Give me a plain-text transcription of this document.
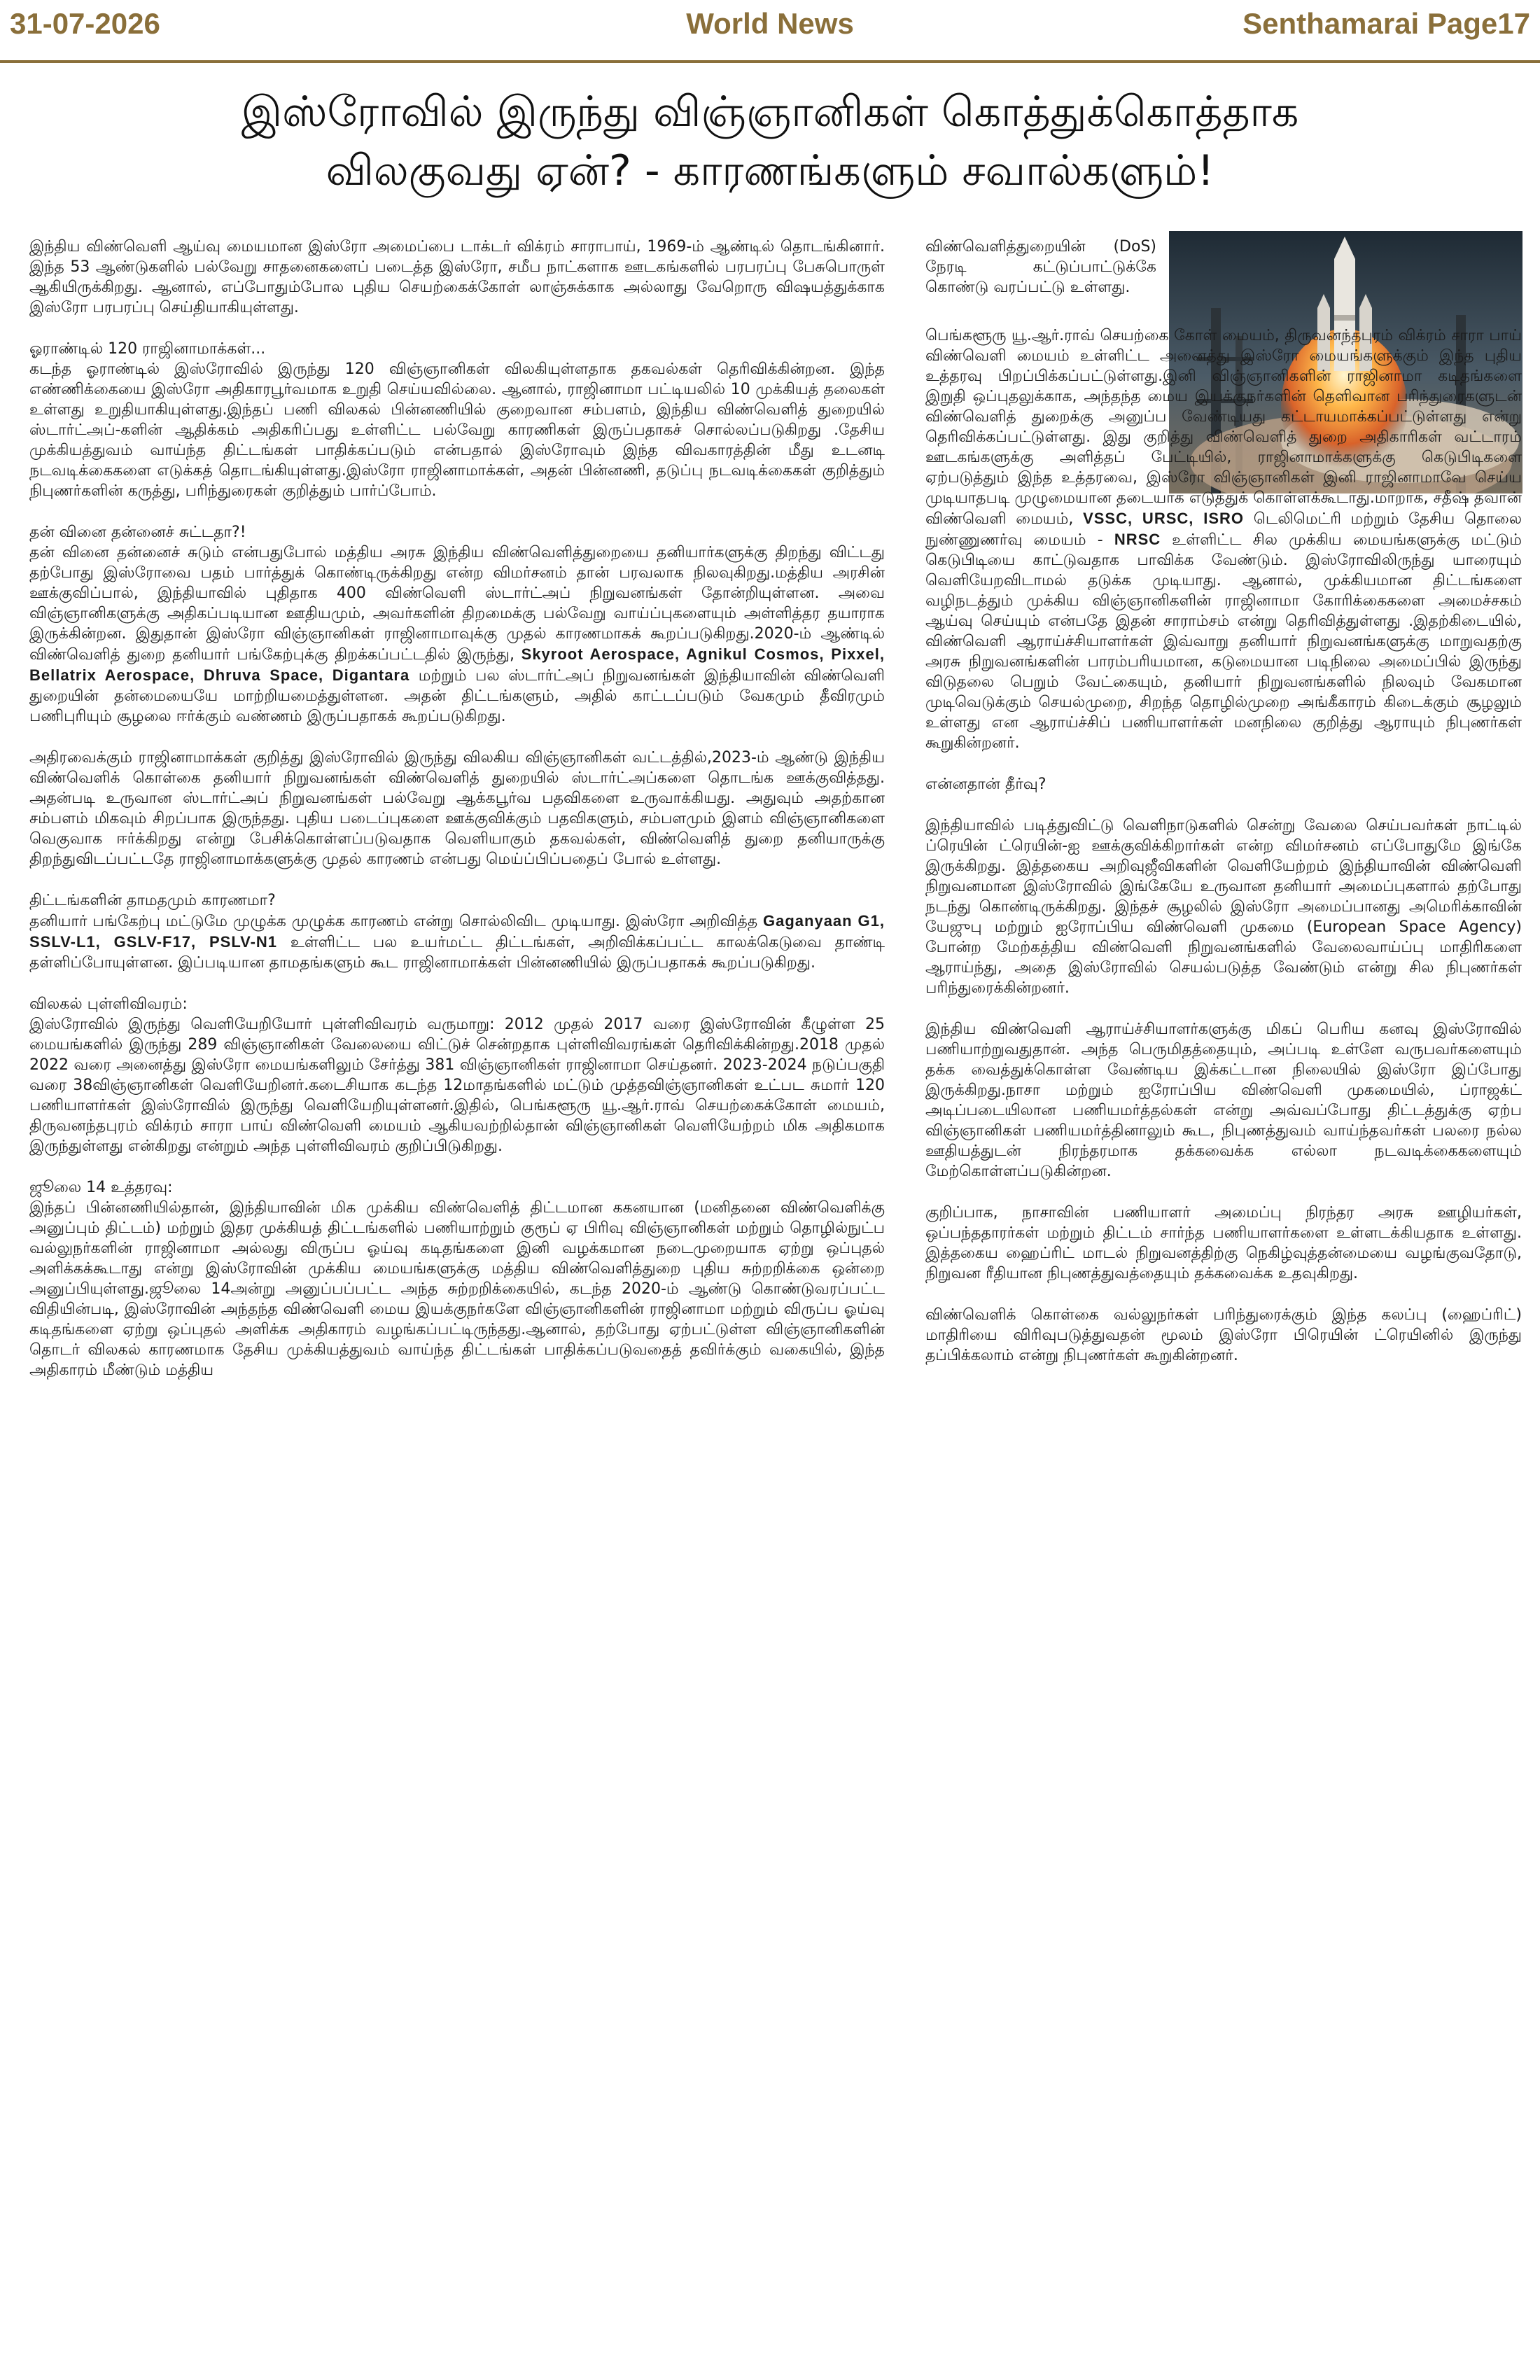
31-07-2026	World News	Senthamarai Page17
இஸ்ரோவில் இருந்து விஞ்ஞானிகள் கொத்துக்கொத்தாக
விலகுவது ஏன்? - காரணங்களும் சவால்களும்!

இந்திய விண்வெளி ஆய்வு மையமான இஸ்ரோ அமைப்பை டாக்டர் விக்ரம் சாராபாய், 1969-ம் ஆண்டில் தொடங்கினார். இந்த 53 ஆண்டுகளில் பல்வேறு சாதனைகளைப் படைத்த இஸ்ரோ, சமீப நாட்களாக ஊடகங்களில் பரபரப்பு பேசுபொருள் ஆகியிருக்கிறது. ஆனால், எப்போதும்போல புதிய செயற்கைக்கோள் லாஞ்சுக்காக அல்லாது வேறொரு விஷயத்துக்காக இஸ்ரோ பரபரப்பு செய்தியாகியுள்ளது.

ஓராண்டில் 120 ராஜினாமாக்கள்...

கடந்த ஓராண்டில் இஸ்ரோவில் இருந்து 120 விஞ்ஞானிகள் விலகியுள்ளதாக தகவல்கள் தெரிவிக்கின்றன. இந்த எண்ணிக்கையை இஸ்ரோ அதிகாரபூர்வமாக உறுதி செய்யவில்லை. ஆனால், ராஜினாமா பட்டியலில் 10 முக்கியத் தலைகள் உள்ளது உறுதியாகியுள்ளது.இந்தப் பணி விலகல் பின்னணியில் குறைவான சம்பளம், இந்திய விண்வெளித் துறையில் ஸ்டார்ட்அப்-களின் ஆதிக்கம் அதிகரிப்பது உள்ளிட்ட பல்வேறு காரணிகள் இருப்பதாகச் சொல்லப்படுகிறது .தேசிய முக்கியத்துவம் வாய்ந்த திட்டங்கள் பாதிக்கப்படும் என்பதால் இஸ்ரோவும் இந்த விவகாரத்தின் மீது உடனடி நடவடிக்கைகளை எடுக்கத் தொடங்கியுள்ளது.இஸ்ரோ ராஜினாமாக்கள், அதன் பின்னணி, தடுப்பு நடவடிக்கைகள் குறித்தும் நிபுணர்களின் கருத்து, பரிந்துரைகள் குறித்தும் பார்ப்போம்.

தன் வினை தன்னைச் சுட்டதா?!

தன் வினை தன்னைச் சுடும் என்பதுபோல் மத்திய அரசு இந்திய விண்வெளித்துறையை தனியார்களுக்கு திறந்து விட்டது தற்போது இஸ்ரோவை பதம் பார்த்துக் கொண்டிருக்கிறது என்ற விமர்சனம் தான் பரவலாக நிலவுகிறது.மத்திய அரசின் ஊக்குவிப்பால், இந்தியாவில் புதிதாக 400 விண்வெளி ஸ்டார்ட்அப் நிறுவனங்கள் தோன்றியுள்ளன. அவை விஞ்ஞானிகளுக்கு அதிகப்படியான ஊதியமும், அவர்களின் திறமைக்கு பல்வேறு வாய்ப்புகளையும் அள்ளித்தர தயாராக இருக்கின்றன. இதுதான் இஸ்ரோ விஞ்ஞானிகள் ராஜினாமாவுக்கு முதல் காரணமாகக் கூறப்படுகிறது.2020-ம் ஆண்டில் விண்வெளித் துறை தனியார் பங்கேற்புக்கு திறக்கப்பட்டதில் இருந்து, Skyroot Aerospace, Agnikul Cosmos, Pixxel, Bellatrix Aerospace, Dhruva Space, Digantara மற்றும் பல ஸ்டார்ட்அப் நிறுவனங்கள் இந்தியாவின் விண்வெளி துறையின் தன்மையையே மாற்றியமைத்துள்ளன. அதன் திட்டங்களும், அதில் காட்டப்படும் வேகமும் தீவிரமும் பணிபுரியும் சூழலை ஈர்க்கும் வண்ணம் இருப்பதாகக் கூறப்படுகிறது.

அதிரவைக்கும் ராஜினாமாக்கள் குறித்து இஸ்ரோவில் இருந்து விலகிய விஞ்ஞானிகள் வட்டத்தில்,2023-ம் ஆண்டு இந்திய விண்வெளிக் கொள்கை தனியார் நிறுவனங்கள் விண்வெளித் துறையில் ஸ்டார்ட்அப்களை தொடங்க ஊக்குவித்தது. அதன்படி உருவான ஸ்டார்ட்அப் நிறுவனங்கள் பல்வேறு ஆக்கபூர்வ பதவிகளை உருவாக்கியது. அதுவும் அதற்கான சம்பளம் மிகவும் சிறப்பாக இருந்தது. புதிய படைப்புகளை ஊக்குவிக்கும் பதவிகளும், சம்பளமும் இளம் விஞ்ஞானிகளை வெகுவாக ஈர்க்கிறது என்று பேசிக்கொள்ளப்படுவதாக வெளியாகும் தகவல்கள், விண்வெளித் துறை தனியாருக்கு திறந்துவிடப்பட்டதே ராஜினாமாக்களுக்கு முதல் காரணம் என்பது மெய்ப்பிப்பதைப் போல் உள்ளது.

திட்டங்களின் தாமதமும் காரணமா?

தனியார் பங்கேற்பு மட்டுமே முழுக்க முழுக்க காரணம் என்று சொல்லிவிட முடியாது. இஸ்ரோ அறிவித்த Gaganyaan G1, SSLV-L1, GSLV-F17, PSLV-N1 உள்ளிட்ட பல உயர்மட்ட திட்டங்கள், அறிவிக்கப்பட்ட காலக்கெடுவை தாண்டி தள்ளிப்போயுள்ளன. இப்படியான தாமதங்களும் கூட ராஜினாமாக்கள் பின்னணியில் இருப்பதாகக் கூறப்படுகிறது.

விலகல் புள்ளிவிவரம்:

இஸ்ரோவில் இருந்து வெளியேறியோர் புள்ளிவிவரம் வருமாறு: 2012 முதல் 2017 வரை இஸ்ரோவின் கீழுள்ள 25 மையங்களில் இருந்து 289 விஞ்ஞானிகள் வேலையை விட்டுச் சென்றதாக புள்ளிவிவரங்கள் தெரிவிக்கின்றது.2018 முதல் 2022 வரை அனைத்து இஸ்ரோ மையங்களிலும் சேர்த்து 381 விஞ்ஞானிகள் ராஜினாமா செய்தனர். 2023-2024 நடுப்பகுதி வரை 38விஞ்ஞானிகள் வெளியேறினர்.கடைசியாக கடந்த 12மாதங்களில் மட்டும் முத்தவிஞ்ஞானிகள் உட்பட சுமார் 120 பணியாளர்கள் இஸ்ரோவில் இருந்து வெளியேறியுள்ளனர்.இதில், பெங்களூரு யூ.ஆர்.ராவ் செயற்கைக்கோள் மையம், திருவனந்தபுரம் விக்ரம் சாரா பாய் விண்வெளி மையம் ஆகியவற்றில்தான் விஞ்ஞானிகள் வெளியேற்றம் மிக அதிகமாக இருந்துள்ளது என்கிறது என்றும் அந்த புள்ளிவிவரம் குறிப்பிடுகிறது.

ஜூலை 14 உத்தரவு:

இந்தப் பின்னணியில்தான், இந்தியாவின் மிக முக்கிய விண்வெளித் திட்டமான ககனயான (மனிதனை விண்வெளிக்கு அனுப்பும் திட்டம்) மற்றும் இதர முக்கியத் திட்டங்களில் பணியாற்றும் குரூப் ஏ பிரிவு விஞ்ஞானிகள் மற்றும் தொழில்நுட்ப வல்லுநர்களின் ராஜினாமா அல்லது விருப்ப ஓய்வு கடிதங்களை இனி வழக்கமான நடைமுறையாக ஏற்று ஒப்புதல் அளிக்கக்கூடாது என்று இஸ்ரோவின் முக்கிய மையங்களுக்கு மத்திய விண்வெளித்துறை புதிய சுற்றறிக்கை ஒன்றை அனுப்பியுள்ளது.ஜூலை 14அன்று அனுப்பப்பட்ட அந்த சுற்றறிக்கையில், கடந்த 2020-ம் ஆண்டு கொண்டுவரப்பட்ட விதியின்படி, இஸ்ரோவின் அந்தந்த விண்வெளி மைய இயக்குநர்களே விஞ்ஞானிகளின் ராஜினாமா மற்றும் விருப்ப ஓய்வு கடிதங்களை ஏற்று ஒப்புதல் அளிக்க அதிகாரம் வழங்கப்பட்டிருந்தது.ஆனால், தற்போது ஏற்பட்டுள்ள விஞ்ஞானிகளின் தொடர் விலகல் காரணமாக தேசிய முக்கியத்துவம் வாய்ந்த திட்டங்கள் பாதிக்கப்படுவதைத் தவிர்க்கும் வகையில், இந்த அதிகாரம் மீண்டும் மத்திய

விண்வெளித்துறையின் (DoS) நேரடி கட்டுப்பாட்டுக்கே கொண்டு வரப்பட்டு உள்ளது.

பெங்களூரு யூ.ஆர்.ராவ் செயற்கை கோள் மையம், திருவனந்தபுரம் விக்ரம் சாரா பாய் விண்வெளி மையம் உள்ளிட்ட அனைத்து இஸ்ரோ மையங்களுக்கும் இந்த புதிய உத்தரவு பிறப்பிக்கப்பட்டுள்ளது.இனி விஞ்ஞானிகளின் ராஜினாமா கடிதங்களை இறுதி ஒப்புதலுக்காக, அந்தந்த மைய இயக்குநர்களின் தெளிவான பரிந்துரைகளுடன் விண்வெளித் துறைக்கு அனுப்ப வேண்டியது கட்டாயமாக்கப்பட்டுள்ளது என்று தெரிவிக்கப்பட்டுள்ளது. இது குறித்து விண்வெளித் துறை அதிகாரிகள் வட்டாரம் ஊடகங்களுக்கு அளித்தப் பேட்டியில், ராஜினாமாக்களுக்கு கெடுபிடிகளை ஏற்படுத்தும் இந்த உத்தரவை, இஸ்ரோ விஞ்ஞானிகள் இனி ராஜினாமாவே செய்ய முடியாதபடி முழுமையான தடையாக எடுத்துக் கொள்ளக்கூடாது.மாறாக, சதீஷ் தவான் விண்வெளி மையம், VSSC, URSC, ISRO டெலிமெட்ரி மற்றும் தேசிய தொலை நுண்ணுணர்வு மையம் - NRSC உள்ளிட்ட சில முக்கிய மையங்களுக்கு மட்டும் கெடுபிடியை காட்டுவதாக பாவிக்க வேண்டும். இஸ்ரோவிலிருந்து யாரையும் வெளியேறவிடாமல் தடுக்க முடியாது. ஆனால், முக்கியமான திட்டங்களை வழிநடத்தும் முக்கிய விஞ்ஞானிகளின் ராஜினாமா கோரிக்கைகளை அமைச்சகம் ஆய்வு செய்யும் என்பதே இதன் சாராம்சம் என்று தெரிவித்துள்ளது .இதற்கிடையில், விண்வெளி ஆராய்ச்சியாளர்கள் இவ்வாறு தனியார் நிறுவனங்களுக்கு மாறுவதற்கு அரசு நிறுவனங்களின் பாரம்பரியமான, கடுமையான படிநிலை அமைப்பில் இருந்து விடுதலை பெறும் வேட்கையும், தனியார் நிறுவனங்களில் நிலவும் வேகமான முடிவெடுக்கும் செயல்முறை, சிறந்த தொழில்முறை அங்கீகாரம் கிடைக்கும் சூழலும் உள்ளது என ஆராய்ச்சிப் பணியாளர்கள் மனநிலை குறித்து ஆராயும் நிபுணர்கள் கூறுகின்றனர்.

என்னதான் தீர்வு?

இந்தியாவில் படித்துவிட்டு வெளிநாடுகளில் சென்று வேலை செய்பவர்கள் நாட்டில் ப்ரெயின் ட்ரெயின்-ஐ ஊக்குவிக்கிறார்கள் என்ற விமர்சனம் எப்போதுமே இங்கே இருக்கிறது. இத்தகைய அறிவுஜீவிகளின் வெளியேற்றம் இந்தியாவின் விண்வெளி நிறுவனமான இஸ்ரோவில் இங்கேயே உருவான தனியார் அமைப்புகளால் தற்போது நடந்து கொண்டிருக்கிறது. இந்தச் சூழலில் இஸ்ரோ அமைப்பானது அமெரிக்காவின் யேஜுபு மற்றும் ஐரோப்பிய விண்வெளி முகமை (European Space Agency) போன்ற மேற்கத்திய விண்வெளி நிறுவனங்களில் வேலைவாய்ப்பு மாதிரிகளை ஆராய்ந்து, அதை இஸ்ரோவில் செயல்படுத்த வேண்டும் என்று சில நிபுணர்கள் பரிந்துரைக்கின்றனர்.

இந்திய விண்வெளி ஆராய்ச்சியாளர்களுக்கு மிகப் பெரிய கனவு இஸ்ரோவில் பணியாற்றுவதுதான். அந்த பெருமிதத்தையும், அப்படி உள்ளே வருபவர்களையும் தக்க வைத்துக்கொள்ள வேண்டிய இக்கட்டான நிலையில் இஸ்ரோ இப்போது இருக்கிறது.நாசா மற்றும் ஐரோப்பிய விண்வெளி முகமையில், ப்ராஜக்ட் அடிப்படையிலான பணியமர்த்தல்கள் என்று அவ்வப்போது திட்டத்துக்கு ஏற்ப விஞ்ஞானிகள் பணியமர்த்தினாலும் கூட, நிபுணத்துவம் வாய்ந்தவர்கள் பலரை நல்ல ஊதியத்துடன் நிரந்தரமாக தக்கவைக்க எல்லா நடவடிக்கைகளையும் மேற்கொள்ளப்படுகின்றன.

குறிப்பாக, நாசாவின் பணியாளர் அமைப்பு நிரந்தர அரசு ஊழியர்கள், ஒப்பந்ததாரர்கள் மற்றும் திட்டம் சார்ந்த பணியாளர்களை உள்ளடக்கியதாக உள்ளது. இத்தகைய ஹைப்ரிட் மாடல் நிறுவனத்திற்கு நெகிழ்வுத்தன்மையை வழங்குவதோடு, நிறுவன ரீதியான நிபுணத்துவத்தையும் தக்கவைக்க உதவுகிறது.

விண்வெளிக் கொள்கை வல்லுநர்கள் பரிந்துரைக்கும் இந்த கலப்பு (ஹைப்ரிட்) மாதிரியை விரிவுபடுத்துவதன் மூலம் இஸ்ரோ பிரெயின் ட்ரெயினில் இருந்து தப்பிக்கலாம் என்று நிபுணர்கள் கூறுகின்றனர்.
